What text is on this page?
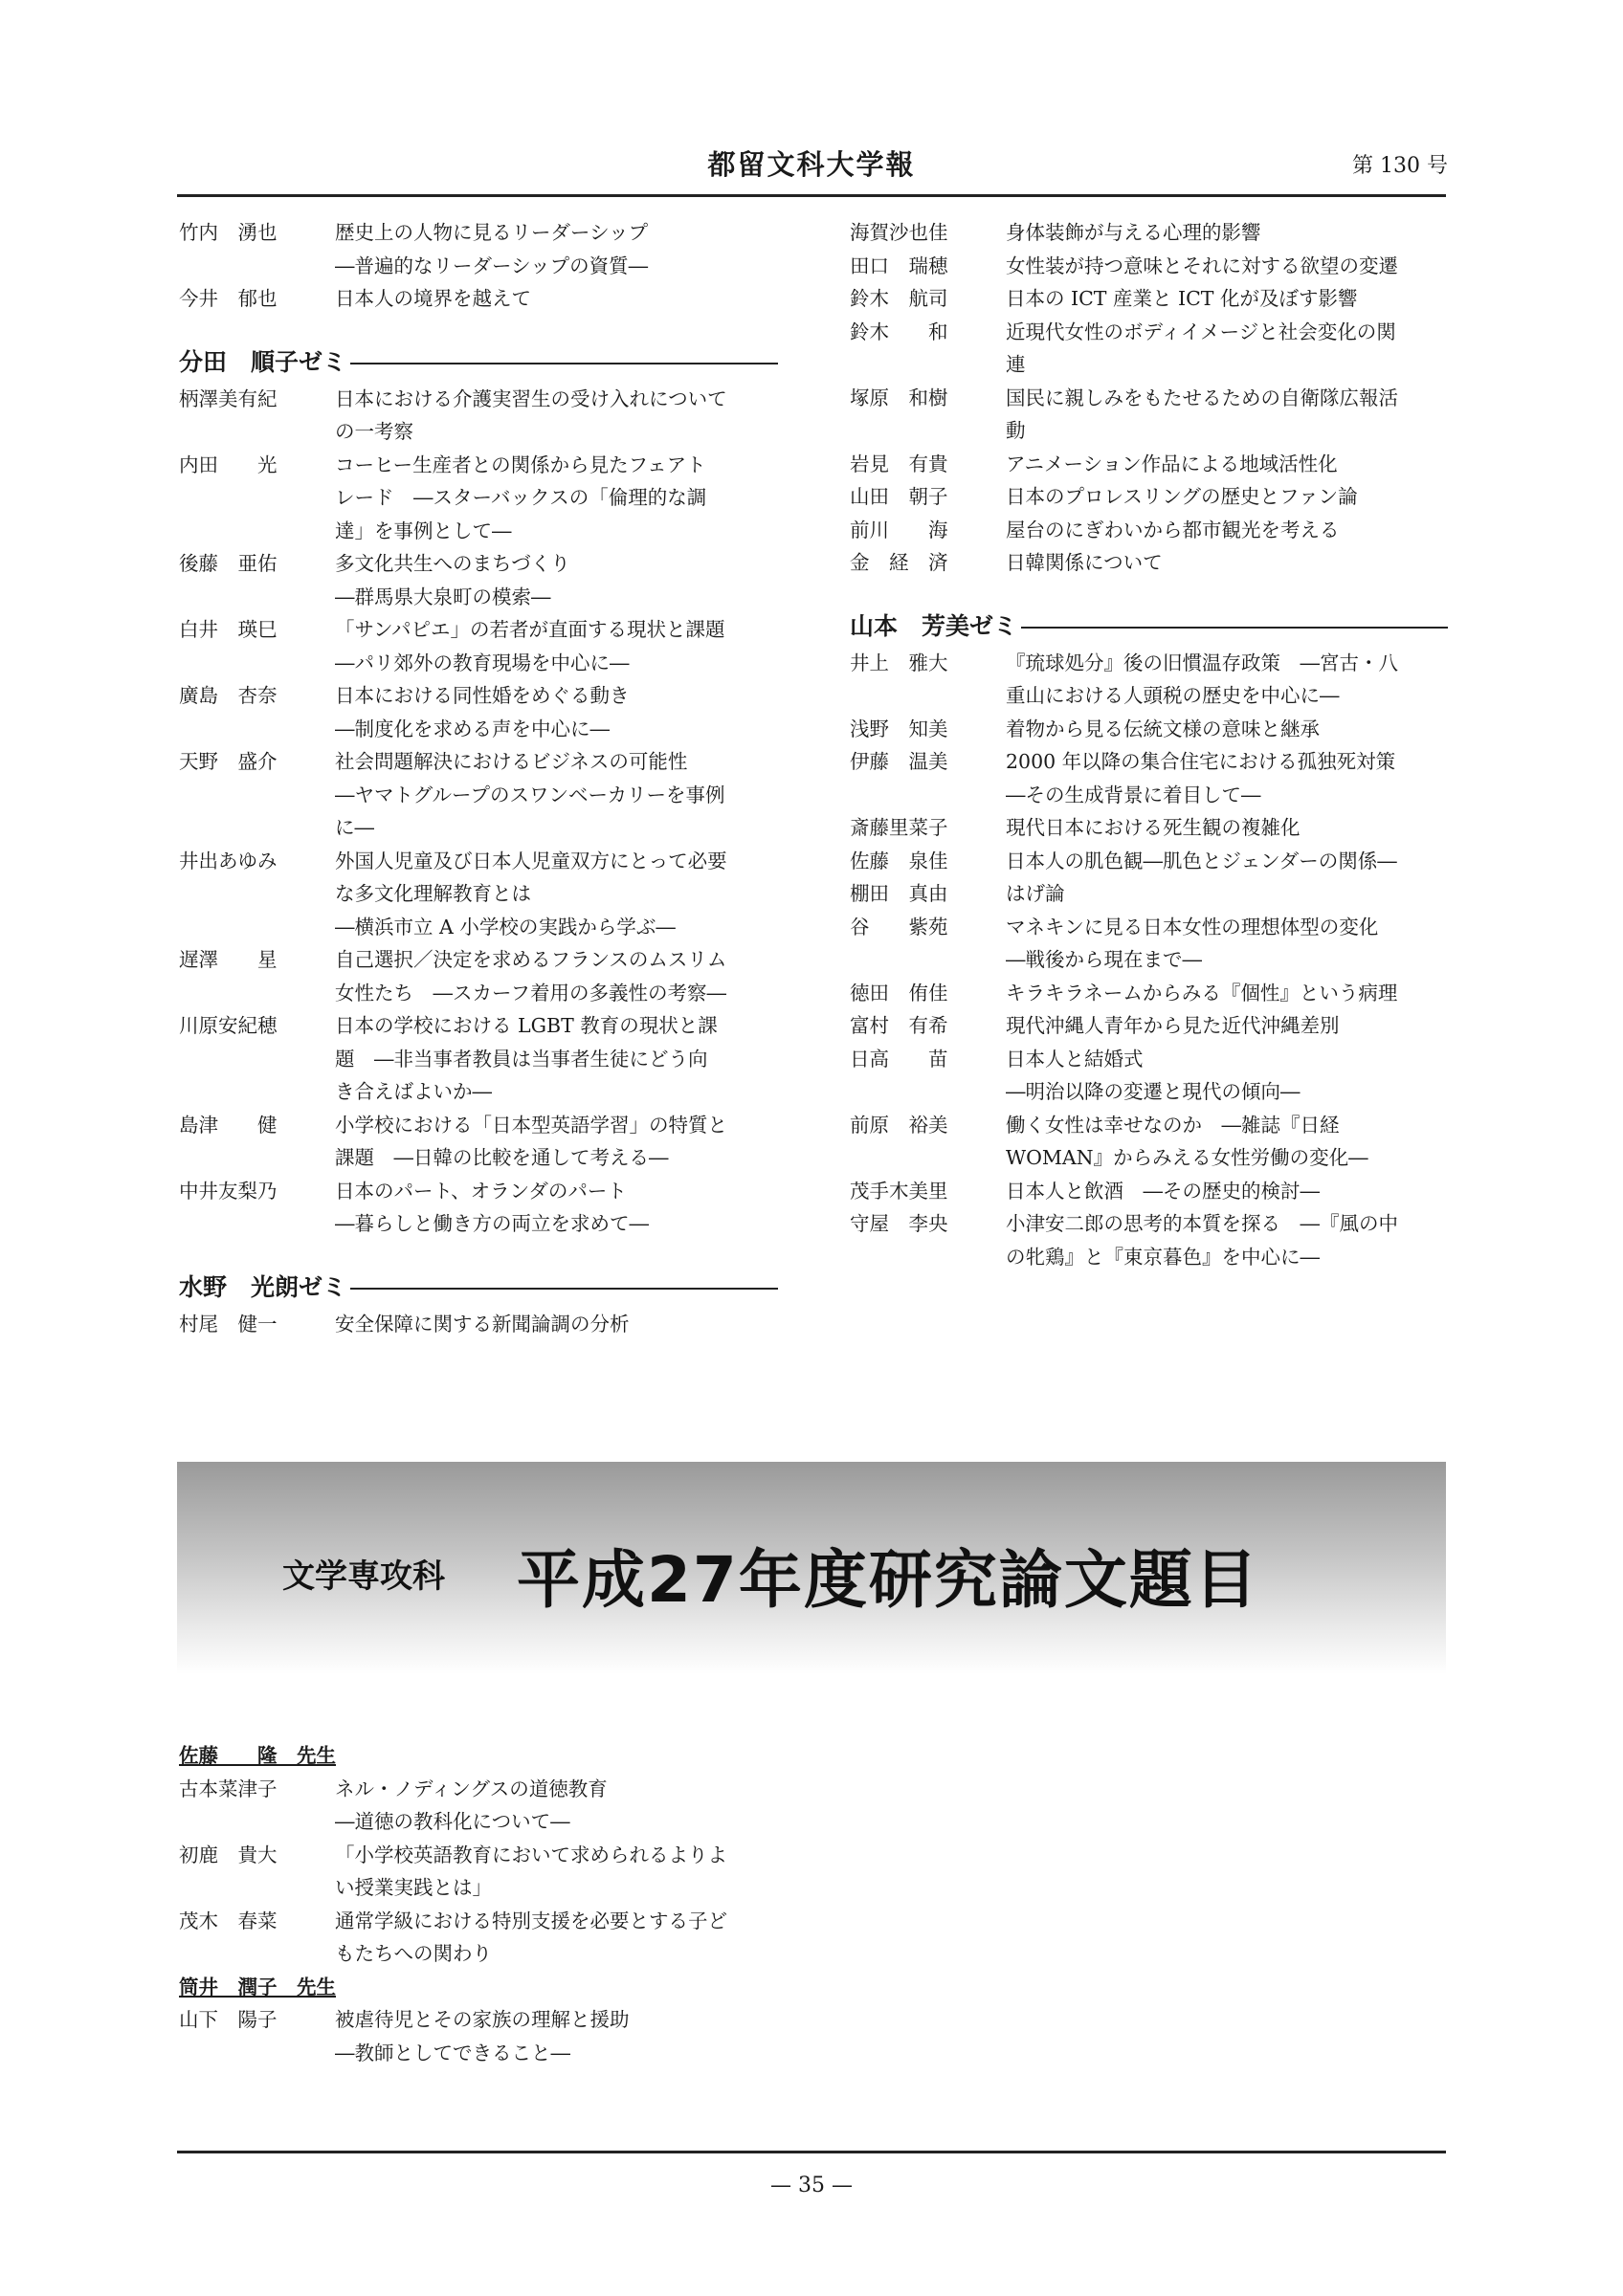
都留文科大学報	第 130 号
竹内　湧也	歴史上の人物に見るリーダーシップ
―普遍的なリーダーシップの資質―
今井　郁也	日本人の境界を越えて
分田　順子ゼミ
柄澤美有紀	日本における介護実習生の受け入れについて
の一考察
内田　　光	コーヒー生産者との関係から見たフェアト
レード　―スターバックスの「倫理的な調
達」を事例として―
後藤　亜佑	多文化共生へのまちづくり
―群馬県大泉町の模索―
白井　瑛巳	「サンパピエ」の若者が直面する現状と課題
―パリ郊外の教育現場を中心に―
廣島　杏奈	日本における同性婚をめぐる動き
―制度化を求める声を中心に―
天野　盛介	社会問題解決におけるビジネスの可能性
―ヤマトグループのスワンベーカリーを事例
に―
井出あゆみ	外国人児童及び日本人児童双方にとって必要
な多文化理解教育とは
―横浜市立 A 小学校の実践から学ぶ―
遅澤　　星	自己選択／決定を求めるフランスのムスリム
女性たち　―スカーフ着用の多義性の考察―
川原安紀穂	日本の学校における LGBT 教育の現状と課
題　―非当事者教員は当事者生徒にどう向
き合えばよいか―
島津　　健	小学校における「日本型英語学習」の特質と
課題　―日韓の比較を通して考える―
中井友梨乃	日本のパート、オランダのパート
―暮らしと働き方の両立を求めて―
水野　光朗ゼミ
村尾　健一	安全保障に関する新聞論調の分析
海賀沙也佳	身体装飾が与える心理的影響
田口　瑞穂	女性装が持つ意味とそれに対する欲望の変遷
鈴木　航司	日本の ICT 産業と ICT 化が及ぼす影響
鈴木　　和	近現代女性のボディイメージと社会変化の関
連
塚原　和樹	国民に親しみをもたせるための自衛隊広報活
動
岩見　有貴	アニメーション作品による地域活性化
山田　朝子	日本のプロレスリングの歴史とファン論
前川　　海	屋台のにぎわいから都市観光を考える
金　経　済	日韓関係について
山本　芳美ゼミ
井上　雅大	『琉球処分』後の旧慣温存政策　―宮古・八
重山における人頭税の歴史を中心に―
浅野　知美	着物から見る伝統文様の意味と継承
伊藤　温美	2000 年以降の集合住宅における孤独死対策
―その生成背景に着目して―
斎藤里菜子	現代日本における死生観の複雑化
佐藤　泉佳	日本人の肌色観―肌色とジェンダーの関係―
棚田　真由	はげ論
谷　　紫苑	マネキンに見る日本女性の理想体型の変化
―戦後から現在まで―
徳田　侑佳	キラキラネームからみる『個性』という病理
富村　有希	現代沖縄人青年から見た近代沖縄差別
日高　　苗	日本人と結婚式
―明治以降の変遷と現代の傾向―
前原　裕美	働く女性は幸せなのか　―雑誌『日経
WOMAN』からみえる女性労働の変化―
茂手木美里	日本人と飲酒　―その歴史的検討―
守屋　李央	小津安二郎の思考的本質を探る　―『風の中
の牝鶏』と『東京暮色』を中心に―
文学専攻科 平成27年度研究論文題目
佐藤　　隆　先生
古本菜津子	ネル・ノディングスの道徳教育
―道徳の教科化について―
初鹿　貴大	「小学校英語教育において求められるよりよ
い授業実践とは」
茂木　春菜	通常学級における特別支援を必要とする子ど
もたちへの関わり
筒井　潤子　先生
山下　陽子	被虐待児とその家族の理解と援助
―教師としてできること―
— 35 —
